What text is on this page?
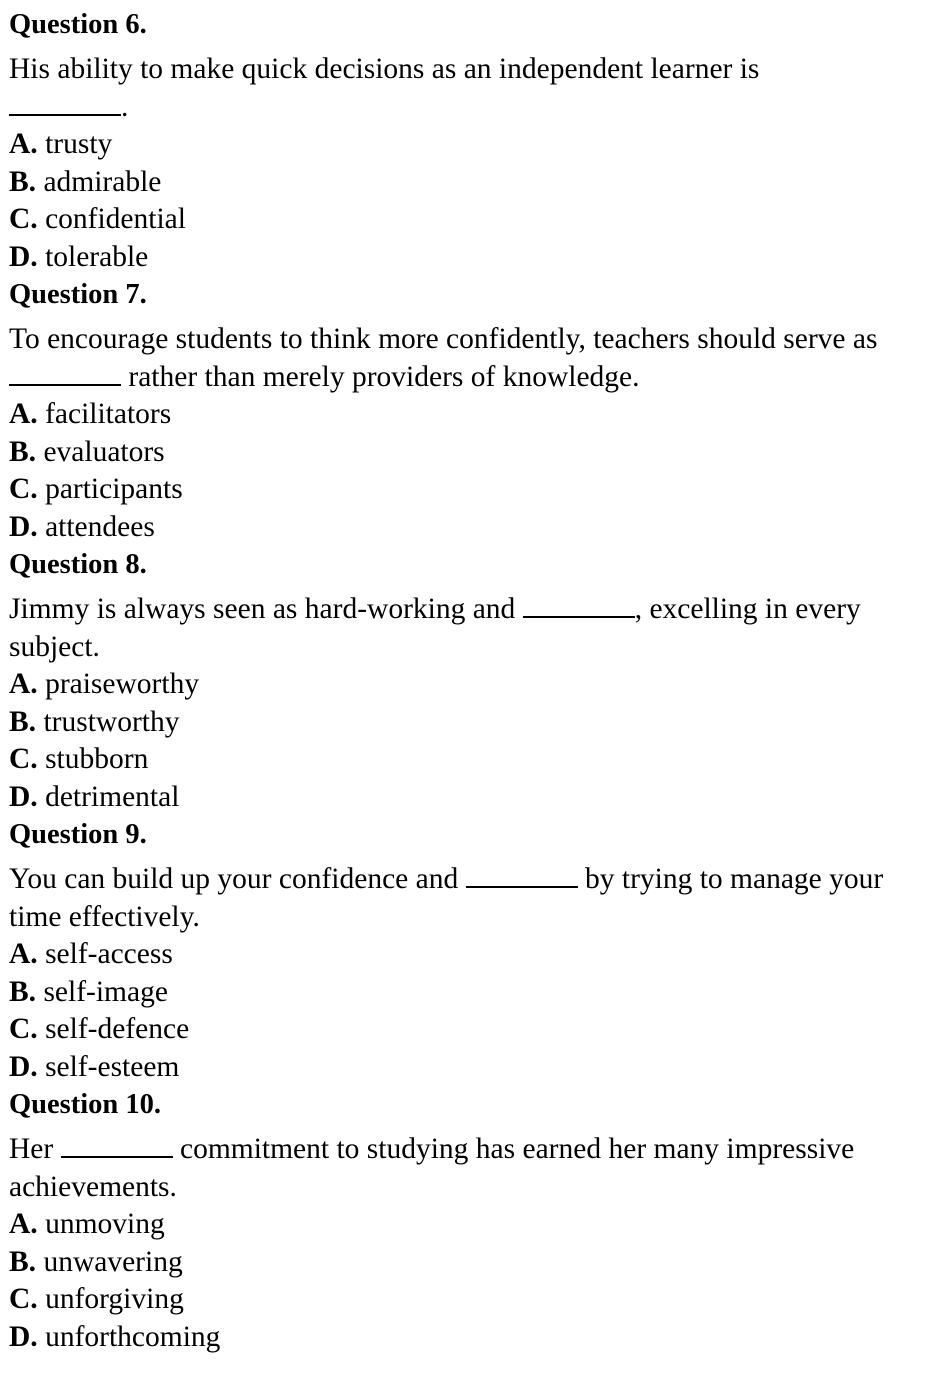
Question 6.
His ability to make quick decisions as an independent learner is
.
A. trusty
B. admirable
C. confidential
D. tolerable
Question 7.
To encourage students to think more confidently, teachers should serve as  rather than merely providers of knowledge.
A. facilitators
B. evaluators
C. participants
D. attendees
Question 8.
Jimmy is always seen as hard-working and	, excelling in every subject.
A. praiseworthy
B. trustworthy
C. stubborn
D. detrimental
Question 9.
You can build up your confidence and	by trying to manage your time effectively.
A. self-access
B. self-image
C. self-defence
D. self-esteem
Question 10.
Her	commitment to studying has earned her many impressive achievements.
A. unmoving
B. unwavering
C. unforgiving
D. unforthcoming
